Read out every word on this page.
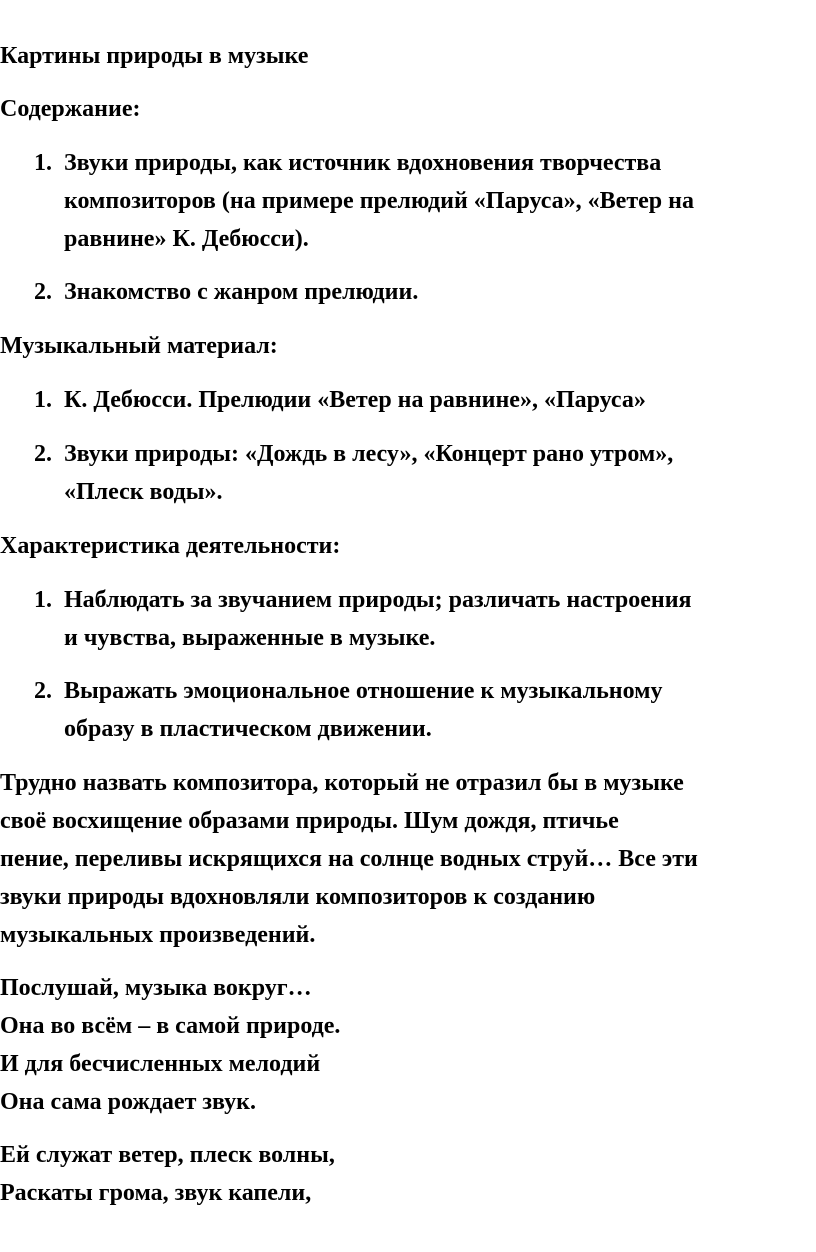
Картины природы в музыке
Содержание:
1. Звуки природы, как источник вдохновения творчества
композиторов (на примере прелюдий «Паруса», «Ветер на
равнине» К. Дебюсси).
2. Знакомство с жанром прелюдии.
Музыкальный материал:
1. К. Дебюсси. Прелюдии «Ветер на равнине», «Паруса»
2. Звуки природы: «Дождь в лесу», «Концерт рано утром»,
«Плеск воды».
Характеристика деятельности:
1. Наблюдать за звучанием природы; различать настроения
и чувства, выраженные в музыке.
2. Выражать эмоциональное отношение к музыкальному
образу в пластическом движении.
Трудно назвать композитора, который не отразил бы в музыке
своё восхищение образами природы. Шум дождя, птичье
пение, переливы искрящихся на солнце водных струй… Все эти
звуки природы вдохновляли композиторов к созданию
музыкальных произведений.
Послушай, музыка вокруг…
Она во всём – в самой природе.
И для бесчисленных мелодий
Она сама рождает звук.
Ей служат ветер, плеск волны,
Раскаты грома, звук капели,
